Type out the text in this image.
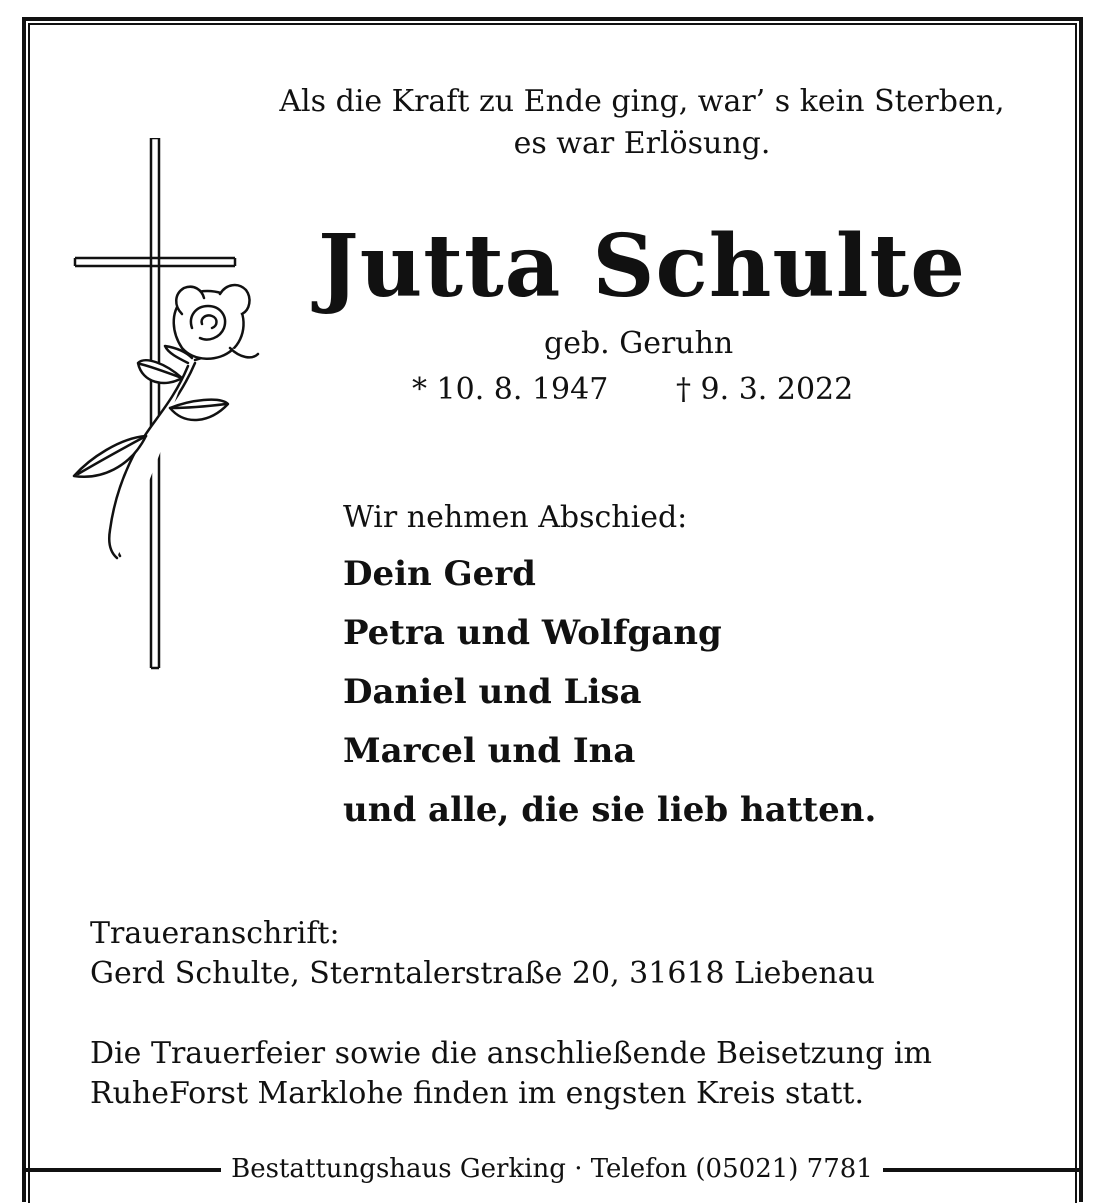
Als die Kraft zu Ende ging, war’ s kein Sterben,
es war Erlösung.
Jutta Schulte
geb. Geruhn
* 10. 8. 1947 † 9. 3. 2022
Wir nehmen Abschied:
Dein Gerd
Petra und Wolfgang
Daniel und Lisa
Marcel und Ina
und alle, die sie lieb hatten.
Traueranschrift:
Gerd Schulte, Sterntalerstraße 20, 31618 Liebenau
Die Trauerfeier sowie die anschließende Beisetzung im
RuheForst Marklohe finden im engsten Kreis statt.
Bestattungshaus Gerking · Telefon (05021) 7781
